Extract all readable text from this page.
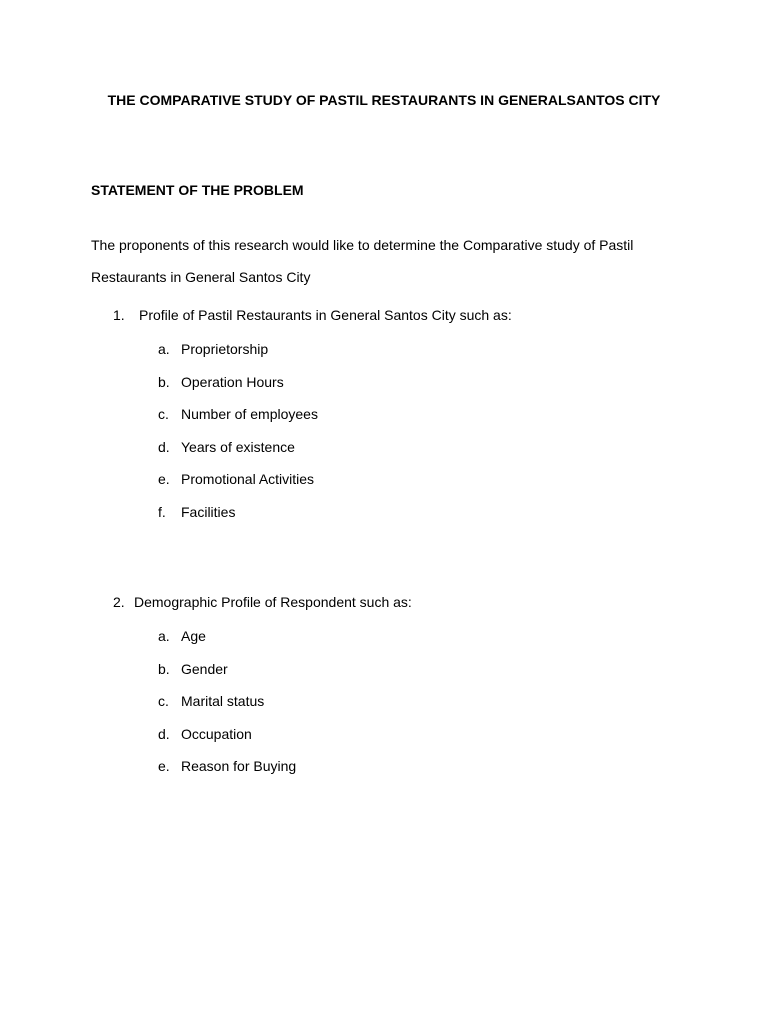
THE COMPARATIVE STUDY OF PASTIL RESTAURANTS IN GENERALSANTOS CITY
STATEMENT OF THE PROBLEM
The proponents of this research would like to determine the Comparative study of Pastil
Restaurants in General Santos City
1. Profile of Pastil Restaurants in General Santos City such as:
a. Proprietorship
b. Operation Hours
c. Number of employees
d. Years of existence
e. Promotional Activities
f. Facilities
2. Demographic Profile of Respondent such as:
a. Age
b. Gender
c. Marital status
d. Occupation
e. Reason for Buying
